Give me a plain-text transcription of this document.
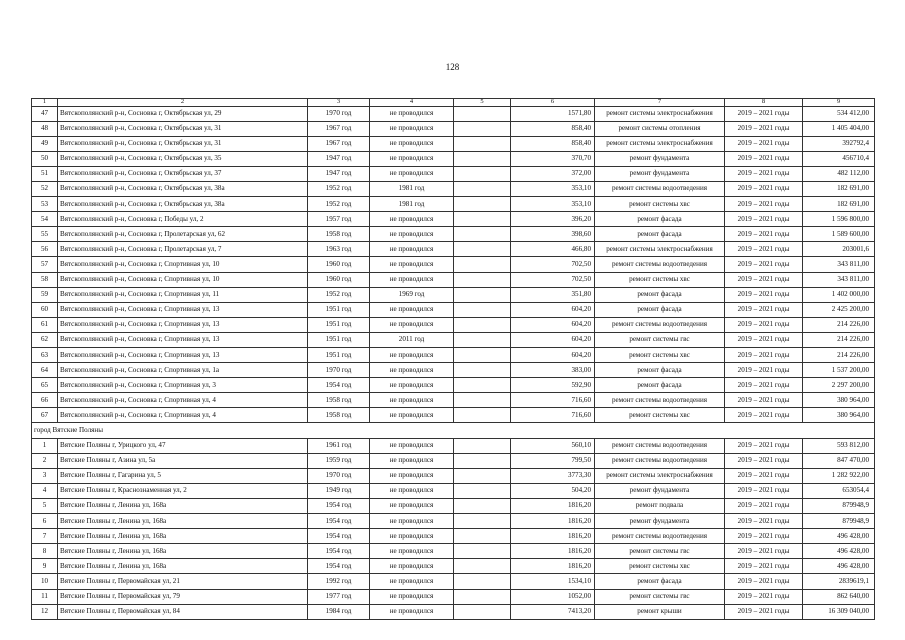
128
1	2	3	4	5	6	7	8	9
47	Вятскополянский р-н, Сосновка г, Октябрьская ул, 29	1970 год	не проводился		1571,80	ремонт системы электроснабжения	2019 – 2021 годы	534 412,00
48	Вятскополянский р-н, Сосновка г, Октябрьская ул, 31	1967 год	не проводился		858,40	ремонт системы отопления	2019 – 2021 годы	1 405 404,00
49	Вятскополянский р-н, Сосновка г, Октябрьская ул, 31	1967 год	не проводился		858,40	ремонт системы электроснабжения	2019 – 2021 годы	392792,4
50	Вятскополянский р-н, Сосновка г, Октябрьская ул, 35	1947 год	не проводился		370,70	ремонт фундамента	2019 – 2021 годы	456710,4
51	Вятскополянский р-н, Сосновка г, Октябрьская ул, 37	1947 год	не проводился		372,00	ремонт фундамента	2019 – 2021 годы	482 112,00
52	Вятскополянский р-н, Сосновка г, Октябрьская ул, 38а	1952 год	1981 год		353,10	ремонт системы водоотведения	2019 – 2021 годы	182 691,00
53	Вятскополянский р-н, Сосновка г, Октябрьская ул, 38а	1952 год	1981 год		353,10	ремонт системы хвс	2019 – 2021 годы	182 691,00
54	Вятскополянский р-н, Сосновка г, Победы ул, 2	1957 год	не проводился		396,20	ремонт фасада	2019 – 2021 годы	1 596 800,00
55	Вятскополянский р-н, Сосновка г, Пролетарская ул, 62	1958 год	не проводился		398,60	ремонт фасада	2019 – 2021 годы	1 589 600,00
56	Вятскополянский р-н, Сосновка г, Пролетарская ул, 7	1963 год	не проводился		466,80	ремонт системы электроснабжения	2019 – 2021 годы	203001,6
57	Вятскополянский р-н, Сосновка г, Спортивная ул, 10	1960 год	не проводился		702,50	ремонт системы водоотведения	2019 – 2021 годы	343 811,00
58	Вятскополянский р-н, Сосновка г, Спортивная ул, 10	1960 год	не проводился		702,50	ремонт системы хвс	2019 – 2021 годы	343 811,00
59	Вятскополянский р-н, Сосновка г, Спортивная ул, 11	1952 год	1969 год		351,80	ремонт фасада	2019 – 2021 годы	1 402 000,00
60	Вятскополянский р-н, Сосновка г, Спортивная ул, 13	1951 год	не проводился		604,20	ремонт фасада	2019 – 2021 годы	2 425 200,00
61	Вятскополянский р-н, Сосновка г, Спортивная ул, 13	1951 год	не проводился		604,20	ремонт системы водоотведения	2019 – 2021 годы	214 226,00
62	Вятскополянский р-н, Сосновка г, Спортивная ул, 13	1951 год	2011 год		604,20	ремонт системы гвс	2019 – 2021 годы	214 226,00
63	Вятскополянский р-н, Сосновка г, Спортивная ул, 13	1951 год	не проводился		604,20	ремонт системы хвс	2019 – 2021 годы	214 226,00
64	Вятскополянский р-н, Сосновка г, Спортивная ул, 1а	1970 год	не проводился		383,00	ремонт фасада	2019 – 2021 годы	1 537 200,00
65	Вятскополянский р-н, Сосновка г, Спортивная ул, 3	1954 год	не проводился		592,90	ремонт фасада	2019 – 2021 годы	2 297 200,00
66	Вятскополянский р-н, Сосновка г, Спортивная ул, 4	1958 год	не проводился		716,60	ремонт системы водоотведения	2019 – 2021 годы	380 964,00
67	Вятскополянский р-н, Сосновка г, Спортивная ул, 4	1958 год	не проводился		716,60	ремонт системы хвс	2019 – 2021 годы	380 964,00
город Вятские Поляны								
1	Вятские Поляны г, Урицкого ул, 47	1961 год	не проводился		560,10	ремонт системы водоотведения	2019 – 2021 годы	593 812,00
2	Вятские Поляны г, Азина ул, 5а	1959 год	не проводился		799,50	ремонт системы водоотведения	2019 – 2021 годы	847 470,00
3	Вятские Поляны г, Гагарина ул, 5	1970 год	не проводился		3773,30	ремонт системы электроснабжения	2019 – 2021 годы	1 282 922,00
4	Вятские Поляны г, Краснознаменная ул, 2	1949 год	не проводился		504,20	ремонт фундамента	2019 – 2021 годы	653054,4
5	Вятские Поляны г, Ленина ул, 168а	1954 год	не проводился		1816,20	ремонт подвала	2019 – 2021 годы	879948,9
6	Вятские Поляны г, Ленина ул, 168а	1954 год	не проводился		1816,20	ремонт фундамента	2019 – 2021 годы	879948,9
7	Вятские Поляны г, Ленина ул, 168а	1954 год	не проводился		1816,20	ремонт системы водоотведения	2019 – 2021 годы	496 428,00
8	Вятские Поляны г, Ленина ул, 168а	1954 год	не проводился		1816,20	ремонт системы гвс	2019 – 2021 годы	496 428,00
9	Вятские Поляны г, Ленина ул, 168а	1954 год	не проводился		1816,20	ремонт системы хвс	2019 – 2021 годы	496 428,00
10	Вятские Поляны г, Первомайская ул, 21	1992 год	не проводился		1534,10	ремонт фасада	2019 – 2021 годы	2839619,1
11	Вятские Поляны г, Первомайская ул, 79	1977 год	не проводился		1052,00	ремонт системы гвс	2019 – 2021 годы	862 640,00
12	Вятские Поляны г, Первомайская ул, 84	1984 год	не проводился		7413,20	ремонт крыши	2019 – 2021 годы	16 309 040,00
